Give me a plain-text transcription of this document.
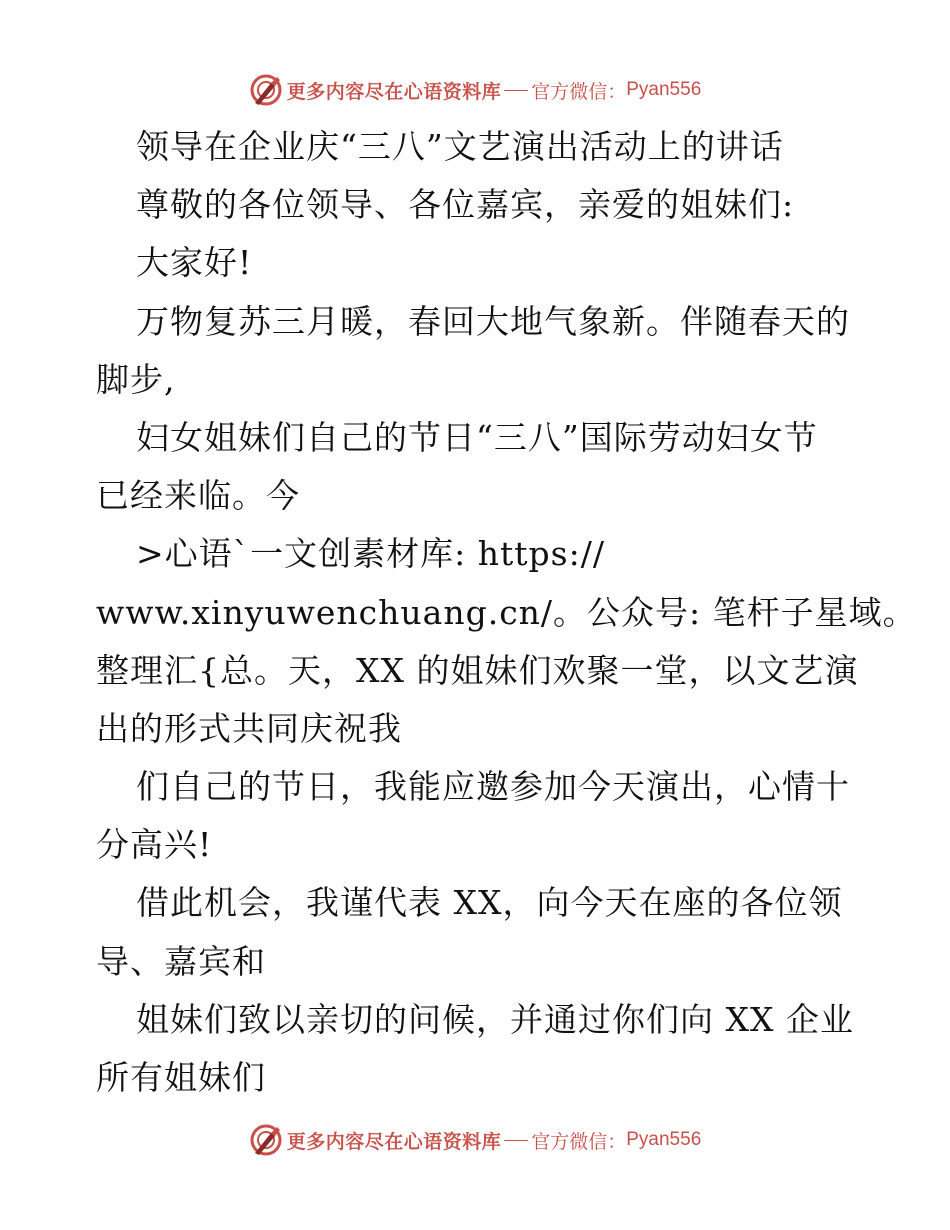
更多内容尽在心语资料库 官方微信： Pyan556
领导在企业庆“三八”文艺演出活动上的讲话
尊敬的各位领导、各位嘉宾，亲爱的姐妹们:
大家好!
万物复苏三月暖，春回大地气象新。伴随春天的
脚步,
妇女姐妹们自己的节日“三八”国际劳动妇女节
已经来临。今
>心语`一文创素材库: https://
www.xinyuwenchuang.cn/。公众号: 笔杆子星域。
整理汇{总。天，XX 的姐妹们欢聚一堂，以文艺演
出的形式共同庆祝我
们自己的节日，我能应邀参加今天演出，心情十
分高兴!
借此机会，我谨代表 XX，向今天在座的各位领
导、嘉宾和
姐妹们致以亲切的问候，并通过你们向 XX 企业
所有姐妹们
更多内容尽在心语资料库 官方微信： Pyan556
